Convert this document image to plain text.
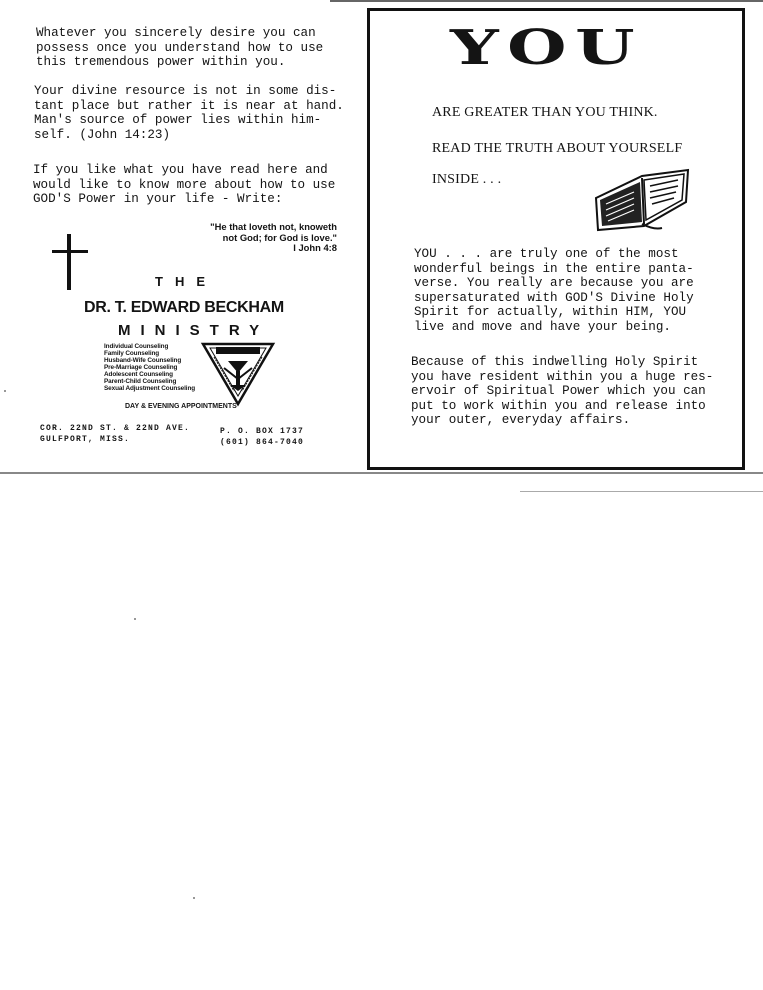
Whatever you sincerely desire you can
possess once you understand how to use
this tremendous power within you.
Your divine resource is not in some dis-
tant place but rather it is near at hand.
Man's source of power lies within him-
self. (John 14:23)
If you like what you have read here and
would like to know more about how to use
GOD'S Power in your life - Write:
"He that loveth not, knoweth
not God; for God is love."
I John 4:8
THE
DR. T. EDWARD BECKHAM
MINISTRY
Individual Counseling
Family Counseling
Husband-Wife Counseling
Pre-Marriage Counseling
Adolescent Counseling
Parent-Child Counseling
Sexual Adjustment Counseling
DAY & EVENING APPOINTMENTS
COR. 22ND ST. & 22ND AVE.
GULFPORT, MISS.
P. O. BOX 1737
(601) 864-7040
YOU
ARE GREATER THAN YOU THINK.
READ THE TRUTH ABOUT YOURSELF
INSIDE . . .
YOU . . . are truly one of the most
wonderful beings in the entire panta-
verse. You really are because you are
supersaturated with GOD'S Divine Holy
Spirit for actually, within HIM, YOU
live and move and have your being.
Because of this indwelling Holy Spirit
you have resident within you a huge res-
ervoir of Spiritual Power which you can
put to work within you and release into
your outer, everyday affairs.
